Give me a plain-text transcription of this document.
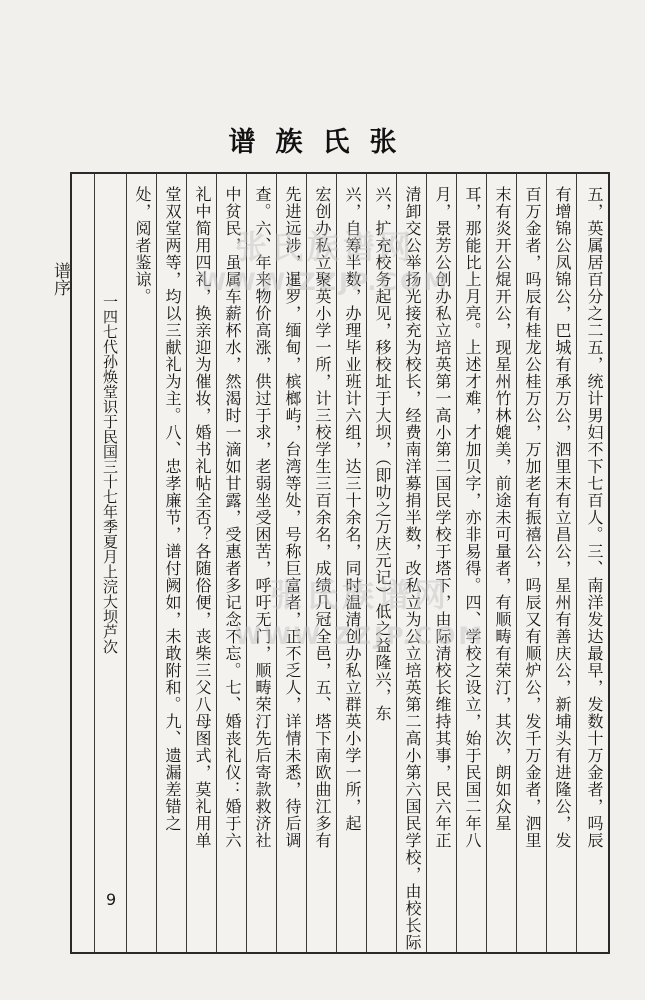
谱族氏张
谱序
一四七代孙焕堂识于民国三十七年季夏月上浣大坝芦次
处，阅者鉴谅。 堂双堂两等，均以三献礼为主。八、忠孝廉节，谱付阙如，未敢附和。九、遗漏差错之 礼中简用四礼，换亲迎为催妆，婚书礼帖全否？各随俗便，丧柴三父八母图式，莫礼用单 中贫民，虽属车薪杯水，然渴时一滴如甘露，受惠者多记念不忘。七、婚丧礼仪：婚于六 查。六、年来物价高涨，供过于求，老弱坐受困苦，呼吁无门，顺畴荣汀先后寄款救济社 先进远涉，暹罗，缅甸，槟榔屿，台湾等处，号称巨富者，正不乏人，详情未悉，待后调 宏创办私立聚英小学一所，计三校学生三百余名，成绩几冠全邑，五、塔下南欧曲江多有 兴，自筹半数，办理毕业班计六组，达三十余名，同时温清创办私立群英小学一所，起 兴，扩充校务起见，移校址于大坝，（即叻之万庆元记）低之益隆兴，东 清卸交公举扬光接充为校长，经费南洋募捐半数，改私立为公立培英第二高小第六国民学校，由校长际 月，景芳公创办私立培英第一高小第二国民学校于塔下，由际清校长维持其事，民六年正 耳，那能比上月亮。上述才难，才加贝字，亦非易得。四、学校之设立，始于民国二年八 末有炎开公焜开公，现星州竹林媲美，前途未可量者，有顺畴有荣汀，其次，朗如众星 百万金者，吗辰有桂龙公桂万公，万加老有振禧公，吗辰又有顺炉公，发千万金者，泗里 有增锦公凤锦公，巴城有承万公，泗里末有立昌公，星州有善庆公，新埔头有进隆公，发 五，英属居百分之二五，统计男妇不下七百人。三、南洋发达最早，发数十万金者，吗辰
张氏族谱网
WWW.ZZJP.COM
张氏族谱网
WWW.ZZJP.COM
9
